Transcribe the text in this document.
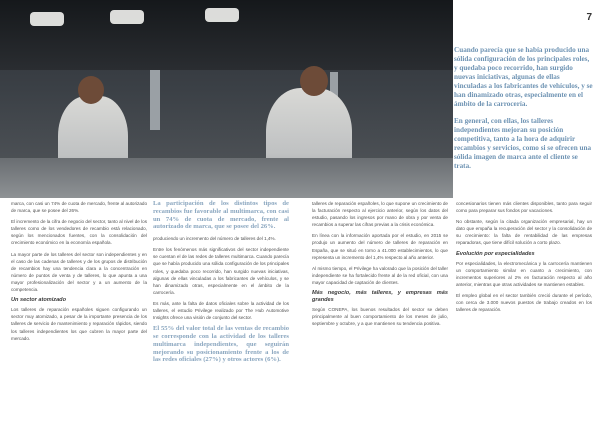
7

Cuando parecía que se había producido una sólida configuración de los principales roles, y quedaba poco recorrido, han surgido nuevas iniciativas, algunas de ellas vinculadas a los fabricantes de vehículos, y se han dinamizado otras, especialmente en el ámbito de la carrocería.

En general, con ellas, los talleres independientes mejoran su posición competitiva, tanto a la hora de adquirir recambios y servicios, como si se ofrecen una sólida imagen de marca ante el cliente se trata.

marca, con casi un 74% de cuota de mercado, frente al autorizado de marca, que se posee del 26%.

El incremento de la cifra de negocio del sector, tanto al nivel de los talleres como de los vendedores de recambio está relacionado, según los mencionados fuentes, con la consolidación del crecimiento económico en la economía española.

La mayor parte de los talleres del sector son independientes y en el caso de las cadenas de talleres y de los grupos de distribución de recambios hay una tendencia clara a la concentración en número de puntos de venta y de talleres, lo que apunta a una mayor profesionalización del sector y a un aumento de la competencia.

Un sector atomizado

Los talleres de reparación españoles siguen configurando un sector muy atomizado, a pesar de la importante presencia de los talleres de servicio de mantenimiento y reparación rápidos, siendo los talleres independientes los que cubren la mayor parte del mercado.

La participación de los distintos tipos de recambios fue favorable al multimarca, con casi un 74% de cuota de mercado, frente al autorizado de marca, que se posee del 26%.

produciendo un incremento del número de talleres del 1,4%.

Entre los fenómenos más significativos del sector independiente se cuentan el de las redes de talleres multimarca. Cuando parecía que se había producido una sólida configuración de los principales roles, y quedaba poco recorrido, han surgido nuevas iniciativas, algunas de ellas vinculadas a los fabricantes de vehículos, y se han dinamizado otras, especialmente en el ámbito de la carrocería.

Es más, ante la falta de datos oficiales sobre la actividad de los talleres, el estudio Privilege realizado por The Hub Automotive Insights ofrece una visión de conjunto del sector.

El 55% del valor total de las ventas de recambio se corresponde con la actividad de los talleres multimarca independientes, que seguirán mejorando su posicionamiento frente a los de las redes oficiales (27%) y otros actores (6%).

talleres de reparación españoles, lo que supone un crecimiento de la facturación respecto al ejercicio anterior, según los datos del estudio, pasando los ingresos por mano de obra y por venta de recambios a superar las cifras previas a la crisis económica.

En línea con la información aportada por el estudio, en 2015 se produjo un aumento del número de talleres de reparación en España, que se situó en torno a 41.000 establecimientos, lo que representa un incremento del 1,4% respecto al año anterior.

Al mismo tiempo, el Privilege ha valorado que la posición del taller independiente se ha fortalecido frente al de la red oficial, con una mayor capacidad de captación de clientes.

Más negocio, más talleres, y empresas más grandes

Según CONEPA, los buenos resultados del sector se deben principalmente al buen comportamiento de los meses de julio, septiembre y octubre, y a que mantienen su tendencia positiva.

concesionarios tienen más clientes disponibles, tanto para seguir como para preparar sus fondos por vacaciones.

No obstante, según la citada organización empresarial, hay un dato que empaña la recuperación del sector y la consolidación de su crecimiento: la falta de rentabilidad de las empresas reparadoras, que tiene difícil solución a corto plazo.

Evolución por especialidades

Por especialidades, la electromecánica y la carrocería mantienen un comportamiento similar en cuanto a crecimiento, con incrementos superiores al 2% en facturación respecto al año anterior, mientras que otras actividades se mantienen estables.

El empleo global en el sector también creció durante el período, con cerca de 3.000 nuevos puestos de trabajo creados en los talleres de reparación.
